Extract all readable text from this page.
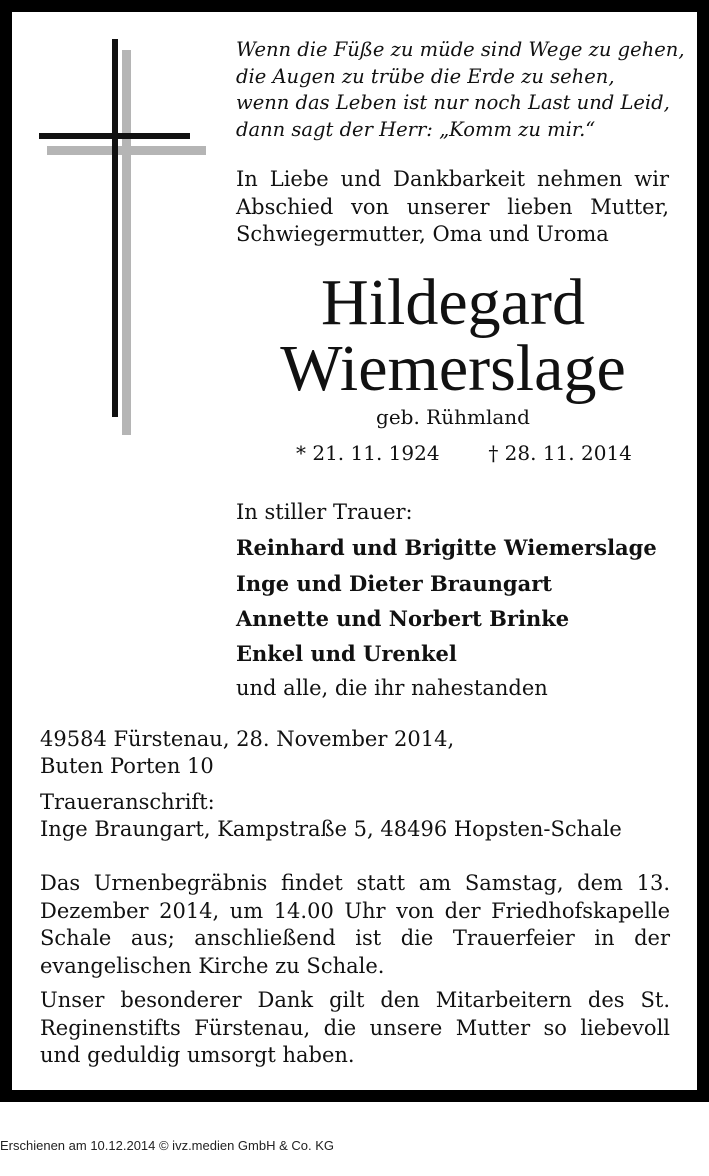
Wenn die Füße zu müde sind Wege zu gehen,
die Augen zu trübe die Erde zu sehen,
wenn das Leben ist nur noch Last und Leid,
dann sagt der Herr: „Komm zu mir.“
In Liebe und Dankbarkeit nehmen wir
Abschied von unserer lieben Mutter,
Schwiegermutter, Oma und Uroma
Hildegard
Wiemerslage
geb. Rühmland
* 21. 11. 1924 † 28. 11. 2014
In stiller Trauer:
Reinhard und Brigitte Wiemerslage
Inge und Dieter Braungart
Annette und Norbert Brinke
Enkel und Urenkel
und alle, die ihr nahestanden
49584 Fürstenau, 28. November 2014,
Buten Porten 10
Traueranschrift:
Inge Braungart, Kampstraße 5, 48496 Hopsten-Schale
Das Urnenbegräbnis findet statt am Samstag, dem 13. Dezember 2014, um 14.00 Uhr von der Friedhofskapelle Schale aus; anschließend ist die Trauerfeier in der evangelischen Kirche zu Schale.
Unser besonderer Dank gilt den Mitarbeitern des St. Reginenstifts Fürstenau, die unsere Mutter so liebevoll und geduldig umsorgt haben.
Erschienen am 10.12.2014 © ivz.medien GmbH & Co. KG
